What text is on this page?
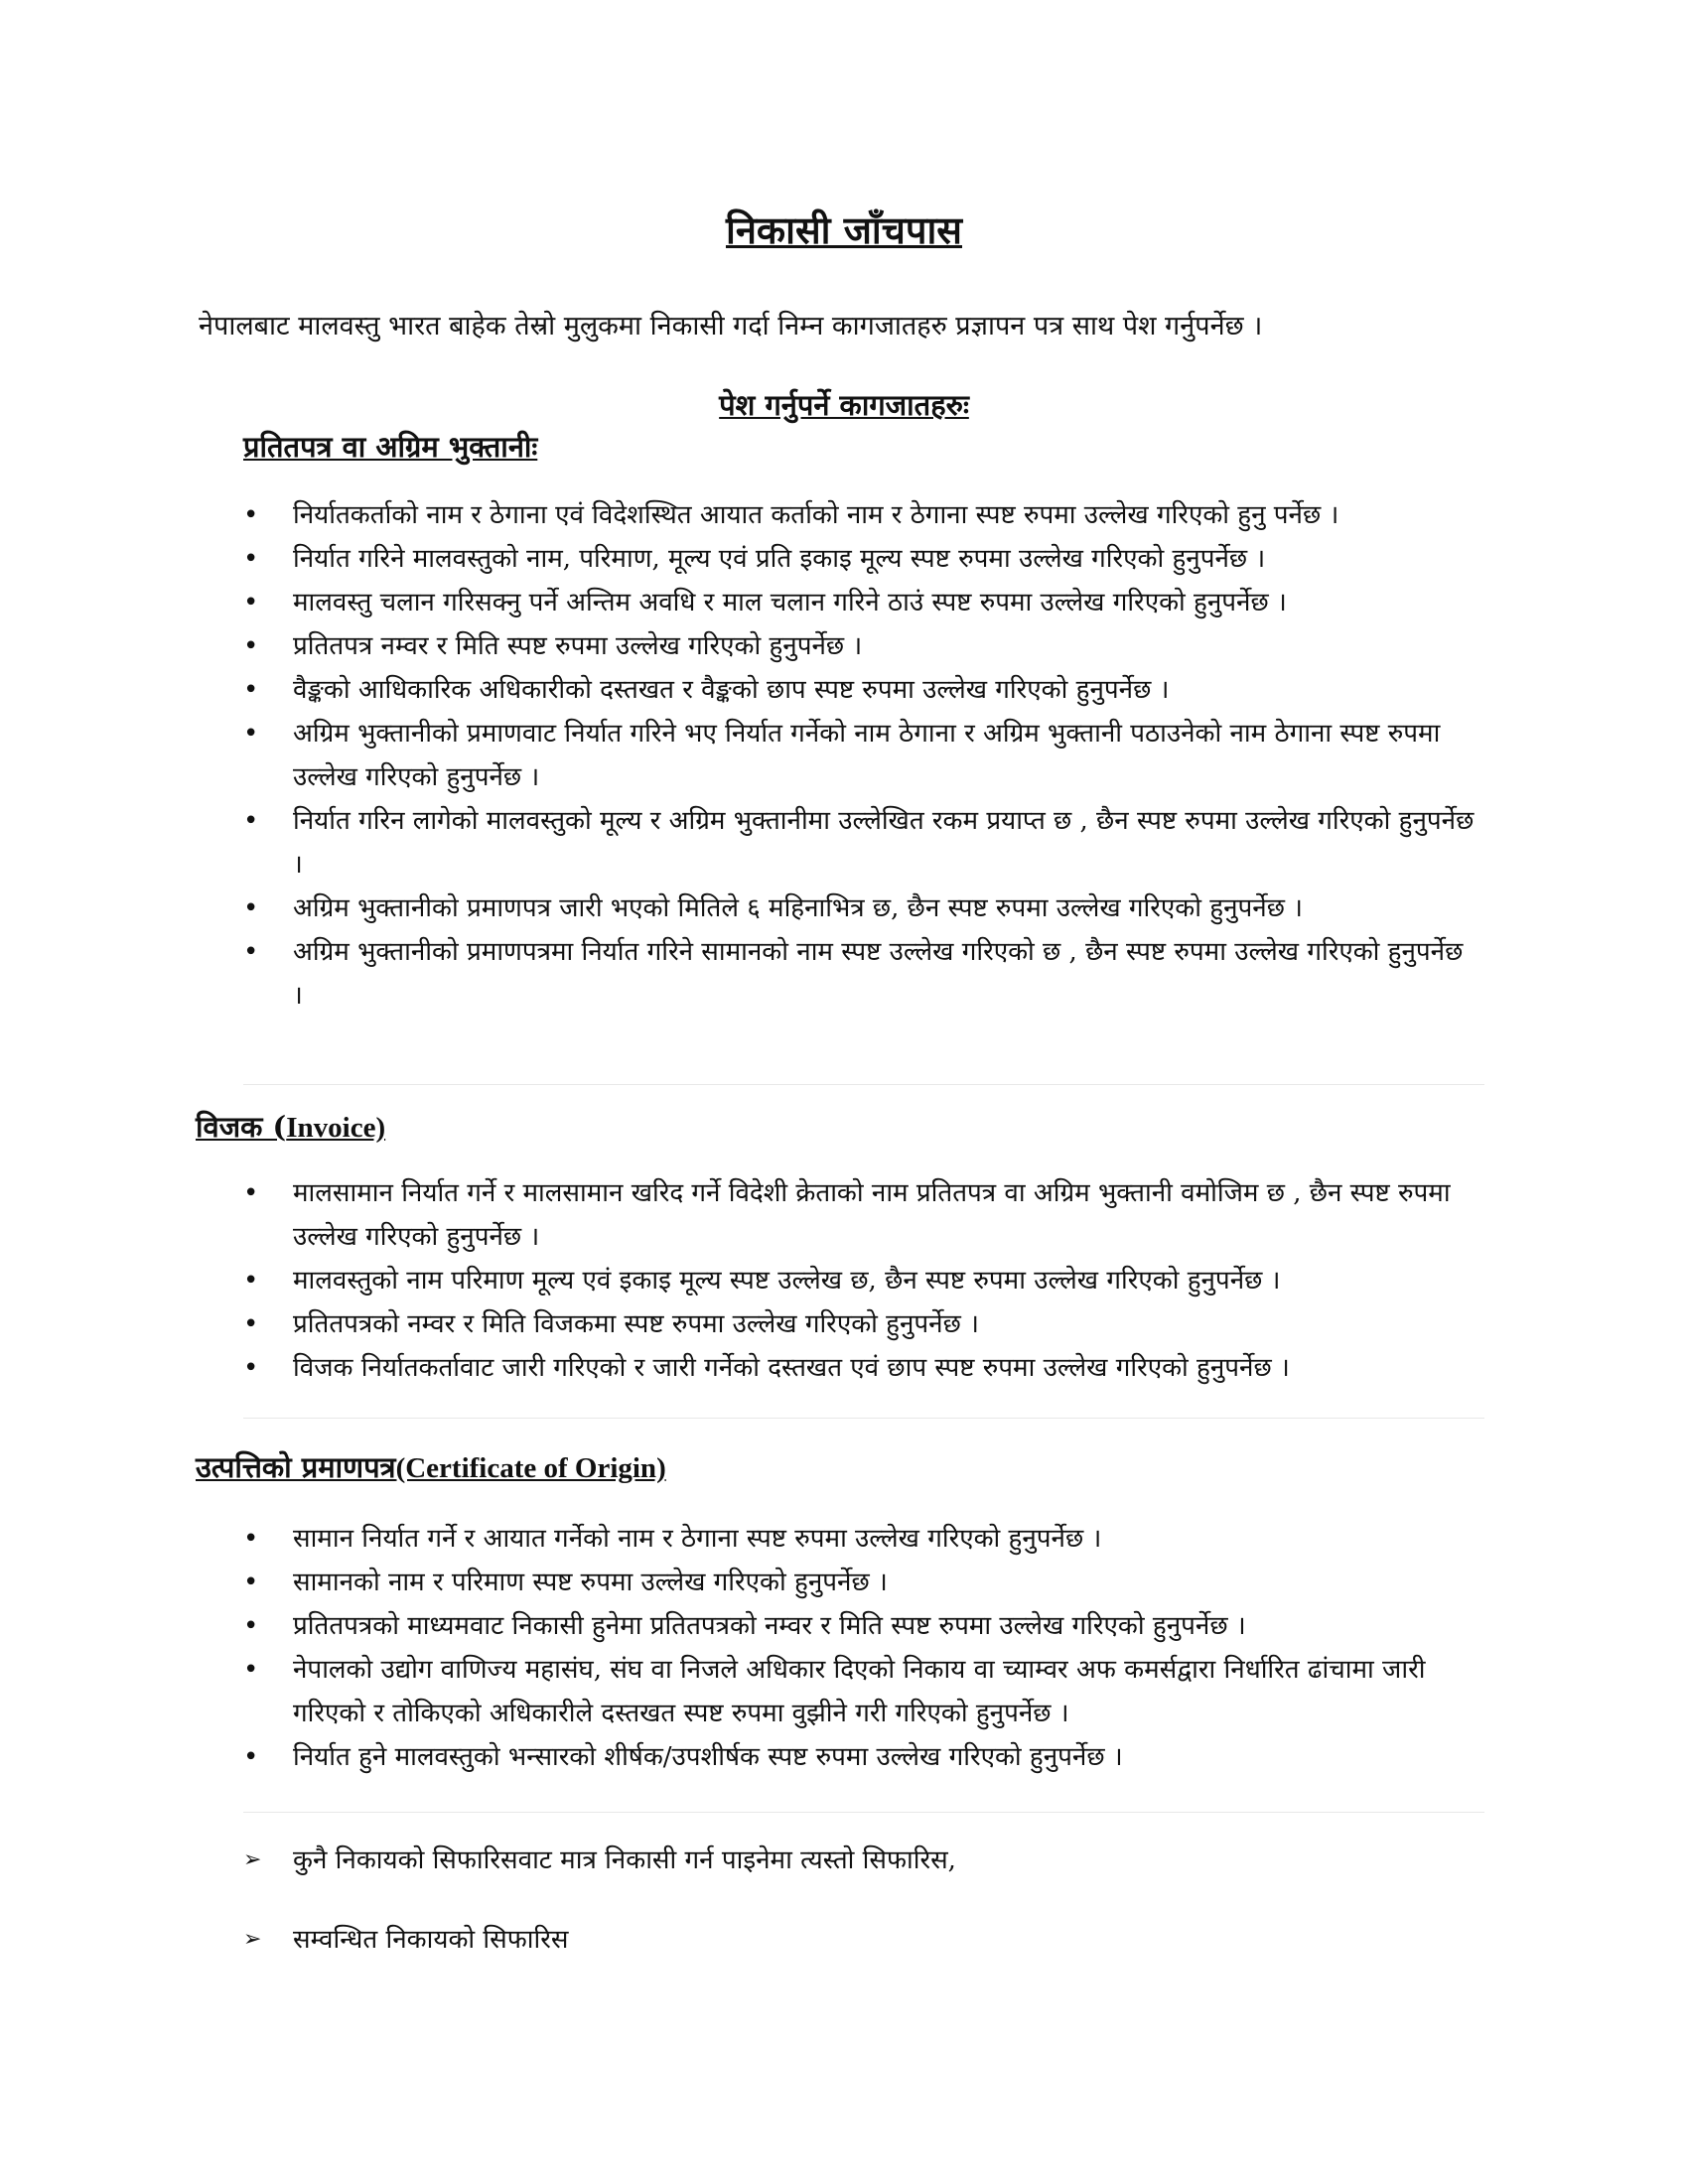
निकासी जाँचपास
नेपालबाट मालवस्तु भारत बाहेक तेस्रो मुलुकमा निकासी गर्दा निम्न कागजातहरु प्रज्ञापन पत्र साथ पेश गर्नुपर्नेछ ।
पेश गर्नुपर्ने कागजातहरुः
प्रतितपत्र वा अग्रिम भुक्तानीः
• निर्यातकर्ताको नाम र ठेगाना एवं विदेशस्थित आयात कर्ताको नाम र ठेगाना स्पष्ट रुपमा उल्लेख गरिएको हुनु पर्नेछ ।
• निर्यात गरिने मालवस्तुको नाम, परिमाण, मूल्य एवं प्रति इकाइ मूल्य स्पष्ट रुपमा उल्लेख गरिएको हुनुपर्नेछ ।
• मालवस्तु चलान गरिसक्नु पर्ने अन्तिम अवधि र माल चलान गरिने ठाउं स्पष्ट रुपमा उल्लेख गरिएको हुनुपर्नेछ ।
• प्रतितपत्र नम्वर र मिति स्पष्ट रुपमा उल्लेख गरिएको हुनुपर्नेछ ।
• वैङ्कको आधिकारिक अधिकारीको दस्तखत र वैङ्कको छाप स्पष्ट रुपमा उल्लेख गरिएको हुनुपर्नेछ ।
• अग्रिम भुक्तानीको प्रमाणवाट निर्यात गरिने भए निर्यात गर्नेको नाम ठेगाना र अग्रिम भुक्तानी पठाउनेको नाम ठेगाना स्पष्ट रुपमा उल्लेख गरिएको हुनुपर्नेछ ।
• निर्यात गरिन लागेको मालवस्तुको मूल्य र अग्रिम भुक्तानीमा उल्लेखित रकम प्रयाप्त छ , छैन स्पष्ट रुपमा उल्लेख गरिएको हुनुपर्नेछ ।
• अग्रिम भुक्तानीको प्रमाणपत्र जारी भएको मितिले ६ महिनाभित्र छ, छैन स्पष्ट रुपमा उल्लेख गरिएको हुनुपर्नेछ ।
• अग्रिम भुक्तानीको प्रमाणपत्रमा निर्यात गरिने सामानको नाम स्पष्ट उल्लेख गरिएको छ , छैन स्पष्ट रुपमा उल्लेख गरिएको हुनुपर्नेछ ।
विजक (Invoice)
• मालसामान निर्यात गर्ने र मालसामान खरिद गर्ने विदेशी क्रेताको नाम प्रतितपत्र वा अग्रिम भुक्तानी वमोजिम छ , छैन स्पष्ट रुपमा उल्लेख गरिएको हुनुपर्नेछ ।
• मालवस्तुको नाम परिमाण मूल्य एवं इकाइ मूल्य स्पष्ट उल्लेख छ, छैन स्पष्ट रुपमा उल्लेख गरिएको हुनुपर्नेछ ।
• प्रतितपत्रको नम्वर र मिति विजकमा स्पष्ट रुपमा उल्लेख गरिएको हुनुपर्नेछ ।
• विजक निर्यातकर्तावाट जारी गरिएको र जारी गर्नेको दस्तखत एवं छाप स्पष्ट रुपमा उल्लेख गरिएको हुनुपर्नेछ ।
उत्पत्तिको प्रमाणपत्र(Certificate of Origin)
• सामान निर्यात गर्ने र आयात गर्नेको नाम र ठेगाना स्पष्ट रुपमा उल्लेख गरिएको हुनुपर्नेछ ।
• सामानको नाम र परिमाण स्पष्ट रुपमा उल्लेख गरिएको हुनुपर्नेछ ।
• प्रतितपत्रको माध्यमवाट निकासी हुनेमा प्रतितपत्रको नम्वर र मिति स्पष्ट रुपमा उल्लेख गरिएको हुनुपर्नेछ ।
• नेपालको उद्योग वाणिज्य महासंघ, संघ वा निजले अधिकार दिएको निकाय वा च्याम्वर अफ कमर्सद्वारा निर्धारित ढांचामा जारी गरिएको र तोकिएको अधिकारीले दस्तखत स्पष्ट रुपमा वुझीने गरी गरिएको हुनुपर्नेछ ।
• निर्यात हुने मालवस्तुको भन्सारको शीर्षक/उपशीर्षक स्पष्ट रुपमा उल्लेख गरिएको हुनुपर्नेछ ।
➢ कुनै निकायको सिफारिसवाट मात्र निकासी गर्न पाइनेमा त्यस्तो सिफारिस,
➢ सम्वन्धित निकायको सिफारिस
